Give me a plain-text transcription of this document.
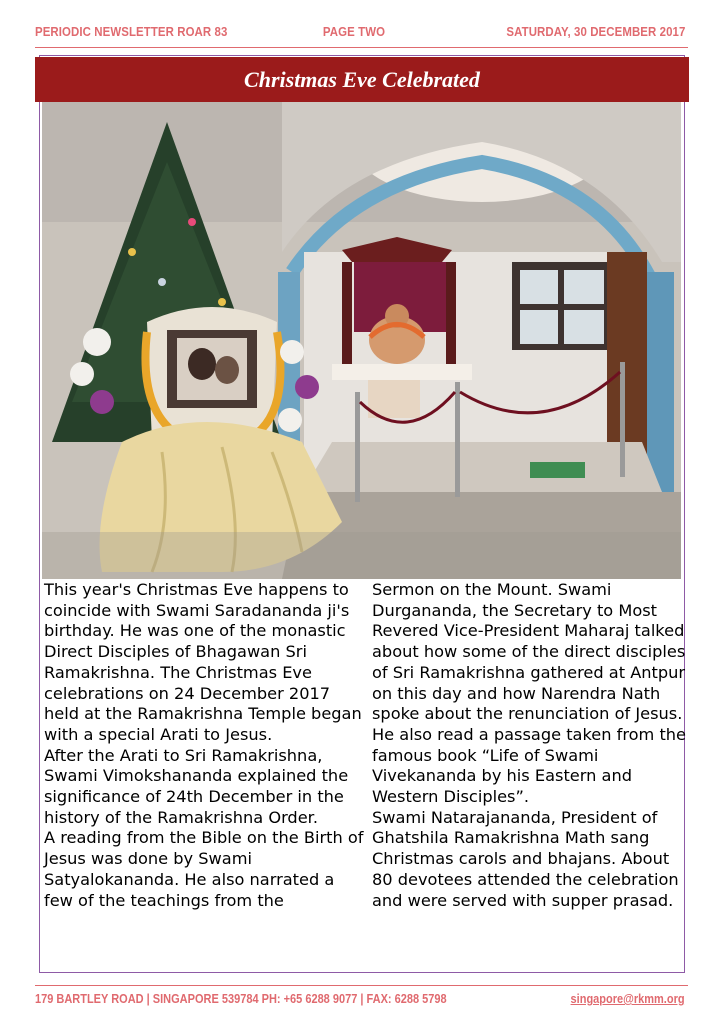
PERIODIC NEWSLETTER ROAR 83	PAGE TWO	SATURDAY, 30 DECEMBER 2017
Christmas Eve Celebrated

This year's Christmas Eve happens to coincide with Swami Saradananda ji's birthday. He was one of the monastic Direct Disciples of Bhagawan Sri Ramakrishna. The Christmas Eve celebrations on 24 December 2017 held at the Ramakrishna Temple began with a special Arati to Jesus.

After the Arati to Sri Ramakrishna, Swami Vimokshananda explained the significance of 24th December in the history of the Ramakrishna Order.

A reading from the Bible on the Birth of Jesus was done by Swami Satyalokananda. He also narrated a few of the teachings from the

Sermon on the Mount. Swami Durgananda, the Secretary to Most Revered Vice-President Maharaj talked about how some of the direct disciples of Sri Ramakrishna gathered at Antpur on this day and how Narendra Nath spoke about the renunciation of Jesus. He also read a passage taken from the famous book “Life of Swami Vivekananda by his Eastern and Western Disciples”.

Swami Natarajananda, President of Ghatshila Ramakrishna Math sang Christmas carols and bhajans. About 80 devotees attended the celebration and were served with supper prasad.

179 BARTLEY ROAD | SINGAPORE 539784 PH: +65 6288 9077 | FAX: 6288 5798	singapore@rkmm.org
